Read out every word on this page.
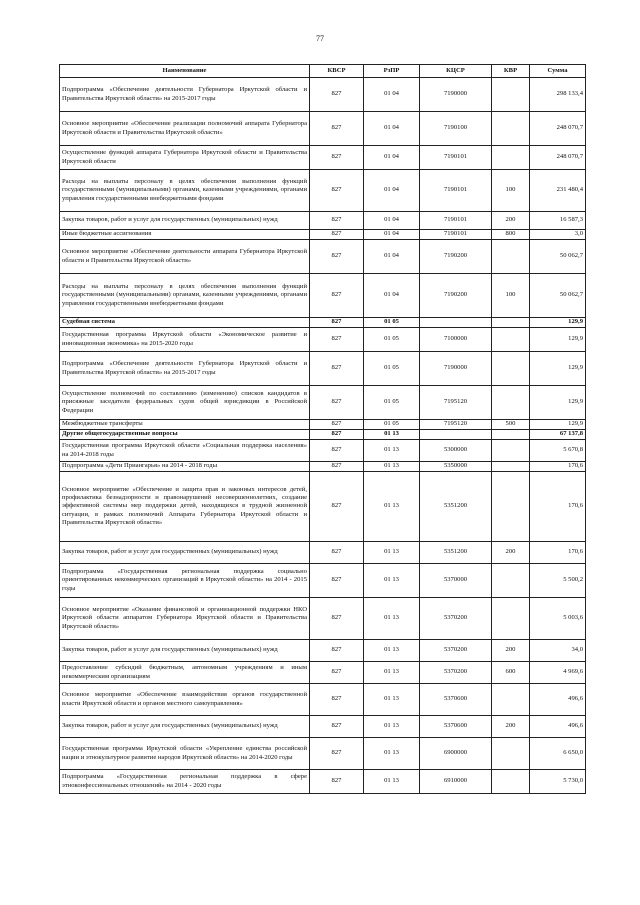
77
Наименование	КВСР	РзПР	КЦСР	КВР	Сумма
Подпрограмма «Обеспечение деятельности Губернатора Иркутской области и Правительства Иркутской области» на 2015-2017 годы	827	01 04	7190000		298 133,4
Основное мероприятие «Обеспечение реализации полномочий аппарата Губернатора Иркутской области и Правительства Иркутской области»	827	01 04	7190100		248 070,7
Осуществление функций аппарата Губернатора Иркутской области и Правительства Иркутской области	827	01 04	7190101		248 070,7
Расходы на выплаты персоналу в целях обеспечения выполнения функций государственными (муниципальными) органами, казенными учреждениями, органами управления государственными внебюджетными фондами	827	01 04	7190101	100	231 480,4
Закупка товаров, работ и услуг для государственных (муниципальных) нужд	827	01 04	7190101	200	16 587,3
Иные бюджетные ассигнования	827	01 04	7190101	800	3,0
Основное мероприятие «Обеспечение деятельности аппарата Губернатора Иркутской области и Правительства Иркутской области»	827	01 04	7190200		50 062,7
Расходы на выплаты персоналу в целях обеспечения выполнения функций государственными (муниципальными) органами, казенными учреждениями, органами управления государственными внебюджетными фондами	827	01 04	7190200	100	50 062,7
Судебная система	827	01 05			129,9
Государственная программа Иркутской области «Экономическое развитие и инновационная экономика» на 2015-2020 годы	827	01 05	7100000		129,9
Подпрограмма «Обеспечение деятельности Губернатора Иркутской области и Правительства Иркутской области» на 2015-2017 годы	827	01 05	7190000		129,9
Осуществление полномочий по составлению (изменению) списков кандидатов в присяжные заседатели федеральных судов общей юрисдикции в Российской Федерации	827	01 05	7195120		129,9
Межбюджетные трансферты	827	01 05	7195120	500	129,9
Другие общегосударственные вопросы	827	01 13			67 137,8
Государственная программа Иркутской области «Социальная поддержка населения» на 2014-2018 годы	827	01 13	5300000		5 670,8
Подпрограмма «Дети Приангарья» на 2014 - 2018 годы	827	01 13	5350000		170,6
Основное мероприятие «Обеспечение и защита прав и законных интересов детей, профилактика безнадзорности и правонарушений несовершеннолетних, создание эффективной системы мер поддержки детей, находящихся в трудной жизненной ситуации, в рамках полномочий Аппарата Губернатора Иркутской области и Правительства Иркутской области»	827	01 13	5351200		170,6
Закупка товаров, работ и услуг для государственных (муниципальных) нужд	827	01 13	5351200	200	170,6
Подпрограмма «Государственная региональная поддержка социально ориентированных некоммерческих организаций в Иркутской области» на 2014 - 2015 годы	827	01 13	5370000		5 500,2
Основное мероприятие «Оказание финансовой и организационной поддержки НКО Иркутской области аппаратом Губернатора Иркутской области и Правительства Иркутской области»	827	01 13	5370200		5 003,6
Закупка товаров, работ и услуг для государственных (муниципальных) нужд	827	01 13	5370200	200	34,0
Предоставление субсидий бюджетным, автономным учреждениям и иным некоммерческим организациям	827	01 13	5370200	600	4 969,6
Основное мероприятие «Обеспечение взаимодействия органов государственной власти Иркутской области и органов местного самоуправления»	827	01 13	5370600		496,6
Закупка товаров, работ и услуг для государственных (муниципальных) нужд	827	01 13	5370600	200	496,6
Государственная программа Иркутской области «Укрепление единства российской нации и этнокультурное развитие народов Иркутской области» на 2014-2020 годы	827	01 13	6900000		6 650,0
Подпрограмма «Государственная региональная поддержка в сфере этноконфессиональных отношений» на 2014 - 2020 годы	827	01 13	6910000		5 730,0
